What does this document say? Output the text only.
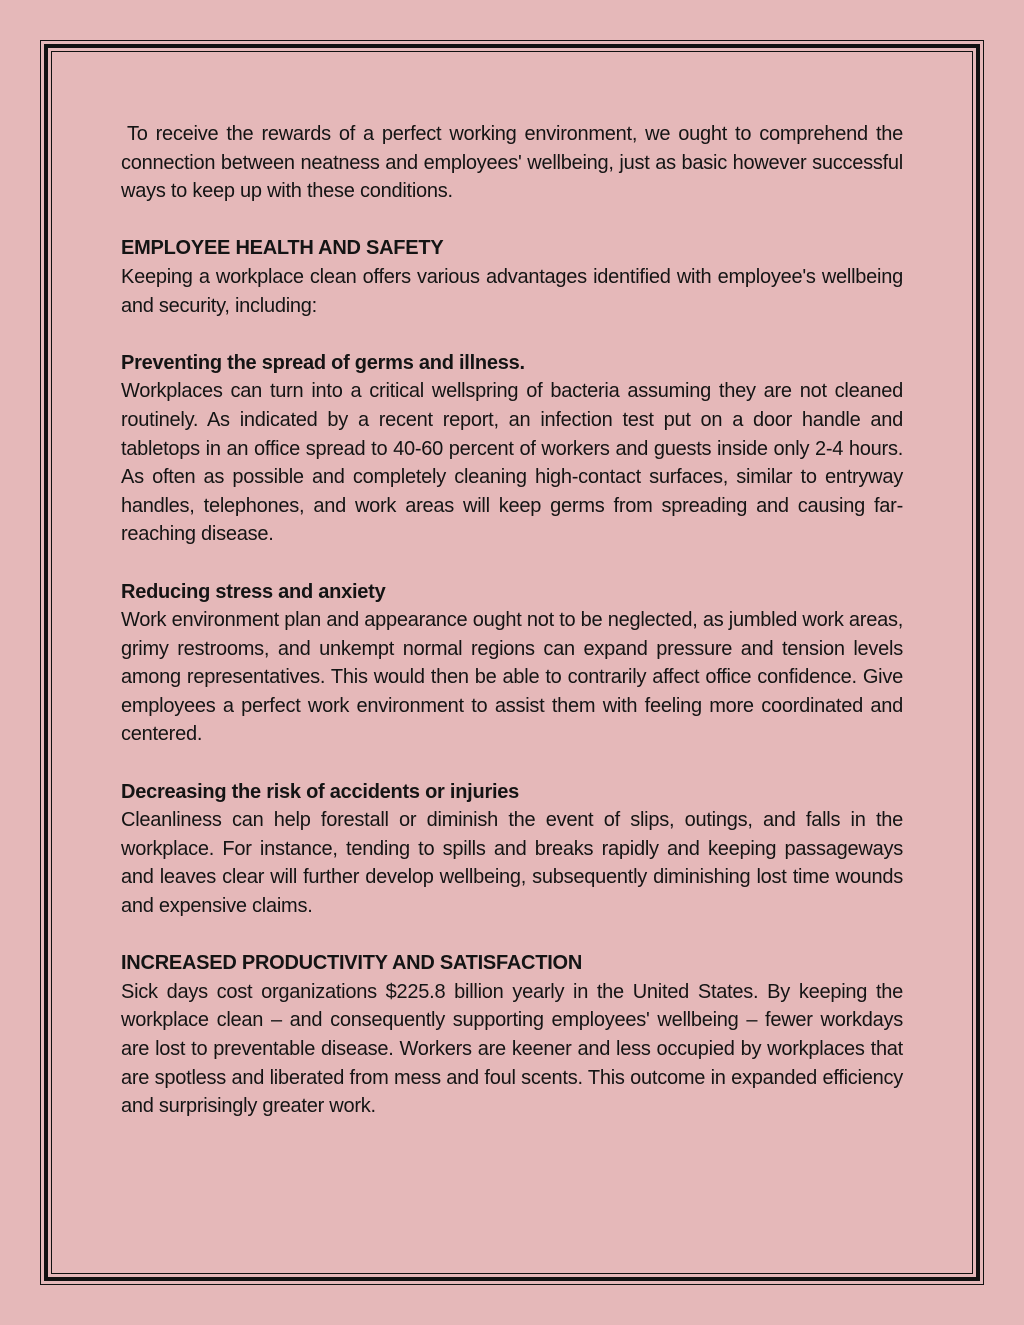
To receive the rewards of a perfect working environment, we ought to comprehend the connection between neatness and employees' wellbeing, just as basic however successful ways to keep up with these conditions.

EMPLOYEE HEALTH AND SAFETY

Keeping a workplace clean offers various advantages identified with employee's wellbeing and security, including:

Preventing the spread of germs and illness.

Workplaces can turn into a critical wellspring of bacteria assuming they are not cleaned routinely. As indicated by a recent report, an infection test put on a door handle and tabletops in an office spread to 40-60 percent of workers and guests inside only 2-4 hours. As often as possible and completely cleaning high-contact surfaces, similar to entryway handles, telephones, and work areas will keep germs from spreading and causing far-reaching disease.

Reducing stress and anxiety

Work environment plan and appearance ought not to be neglected, as jumbled work areas, grimy restrooms, and unkempt normal regions can expand pressure and tension levels among representatives. This would then be able to contrarily affect office confidence. Give employees a perfect work environment to assist them with feeling more coordinated and centered.

Decreasing the risk of accidents or injuries

Cleanliness can help forestall or diminish the event of slips, outings, and falls in the workplace. For instance, tending to spills and breaks rapidly and keeping passageways and leaves clear will further develop wellbeing, subsequently diminishing lost time wounds and expensive claims.

INCREASED PRODUCTIVITY AND SATISFACTION

Sick days cost organizations $225.8 billion yearly in the United States. By keeping the workplace clean – and consequently supporting employees' wellbeing – fewer workdays are lost to preventable disease. Workers are keener and less occupied by workplaces that are spotless and liberated from mess and foul scents. This outcome in expanded efficiency and surprisingly greater work.
